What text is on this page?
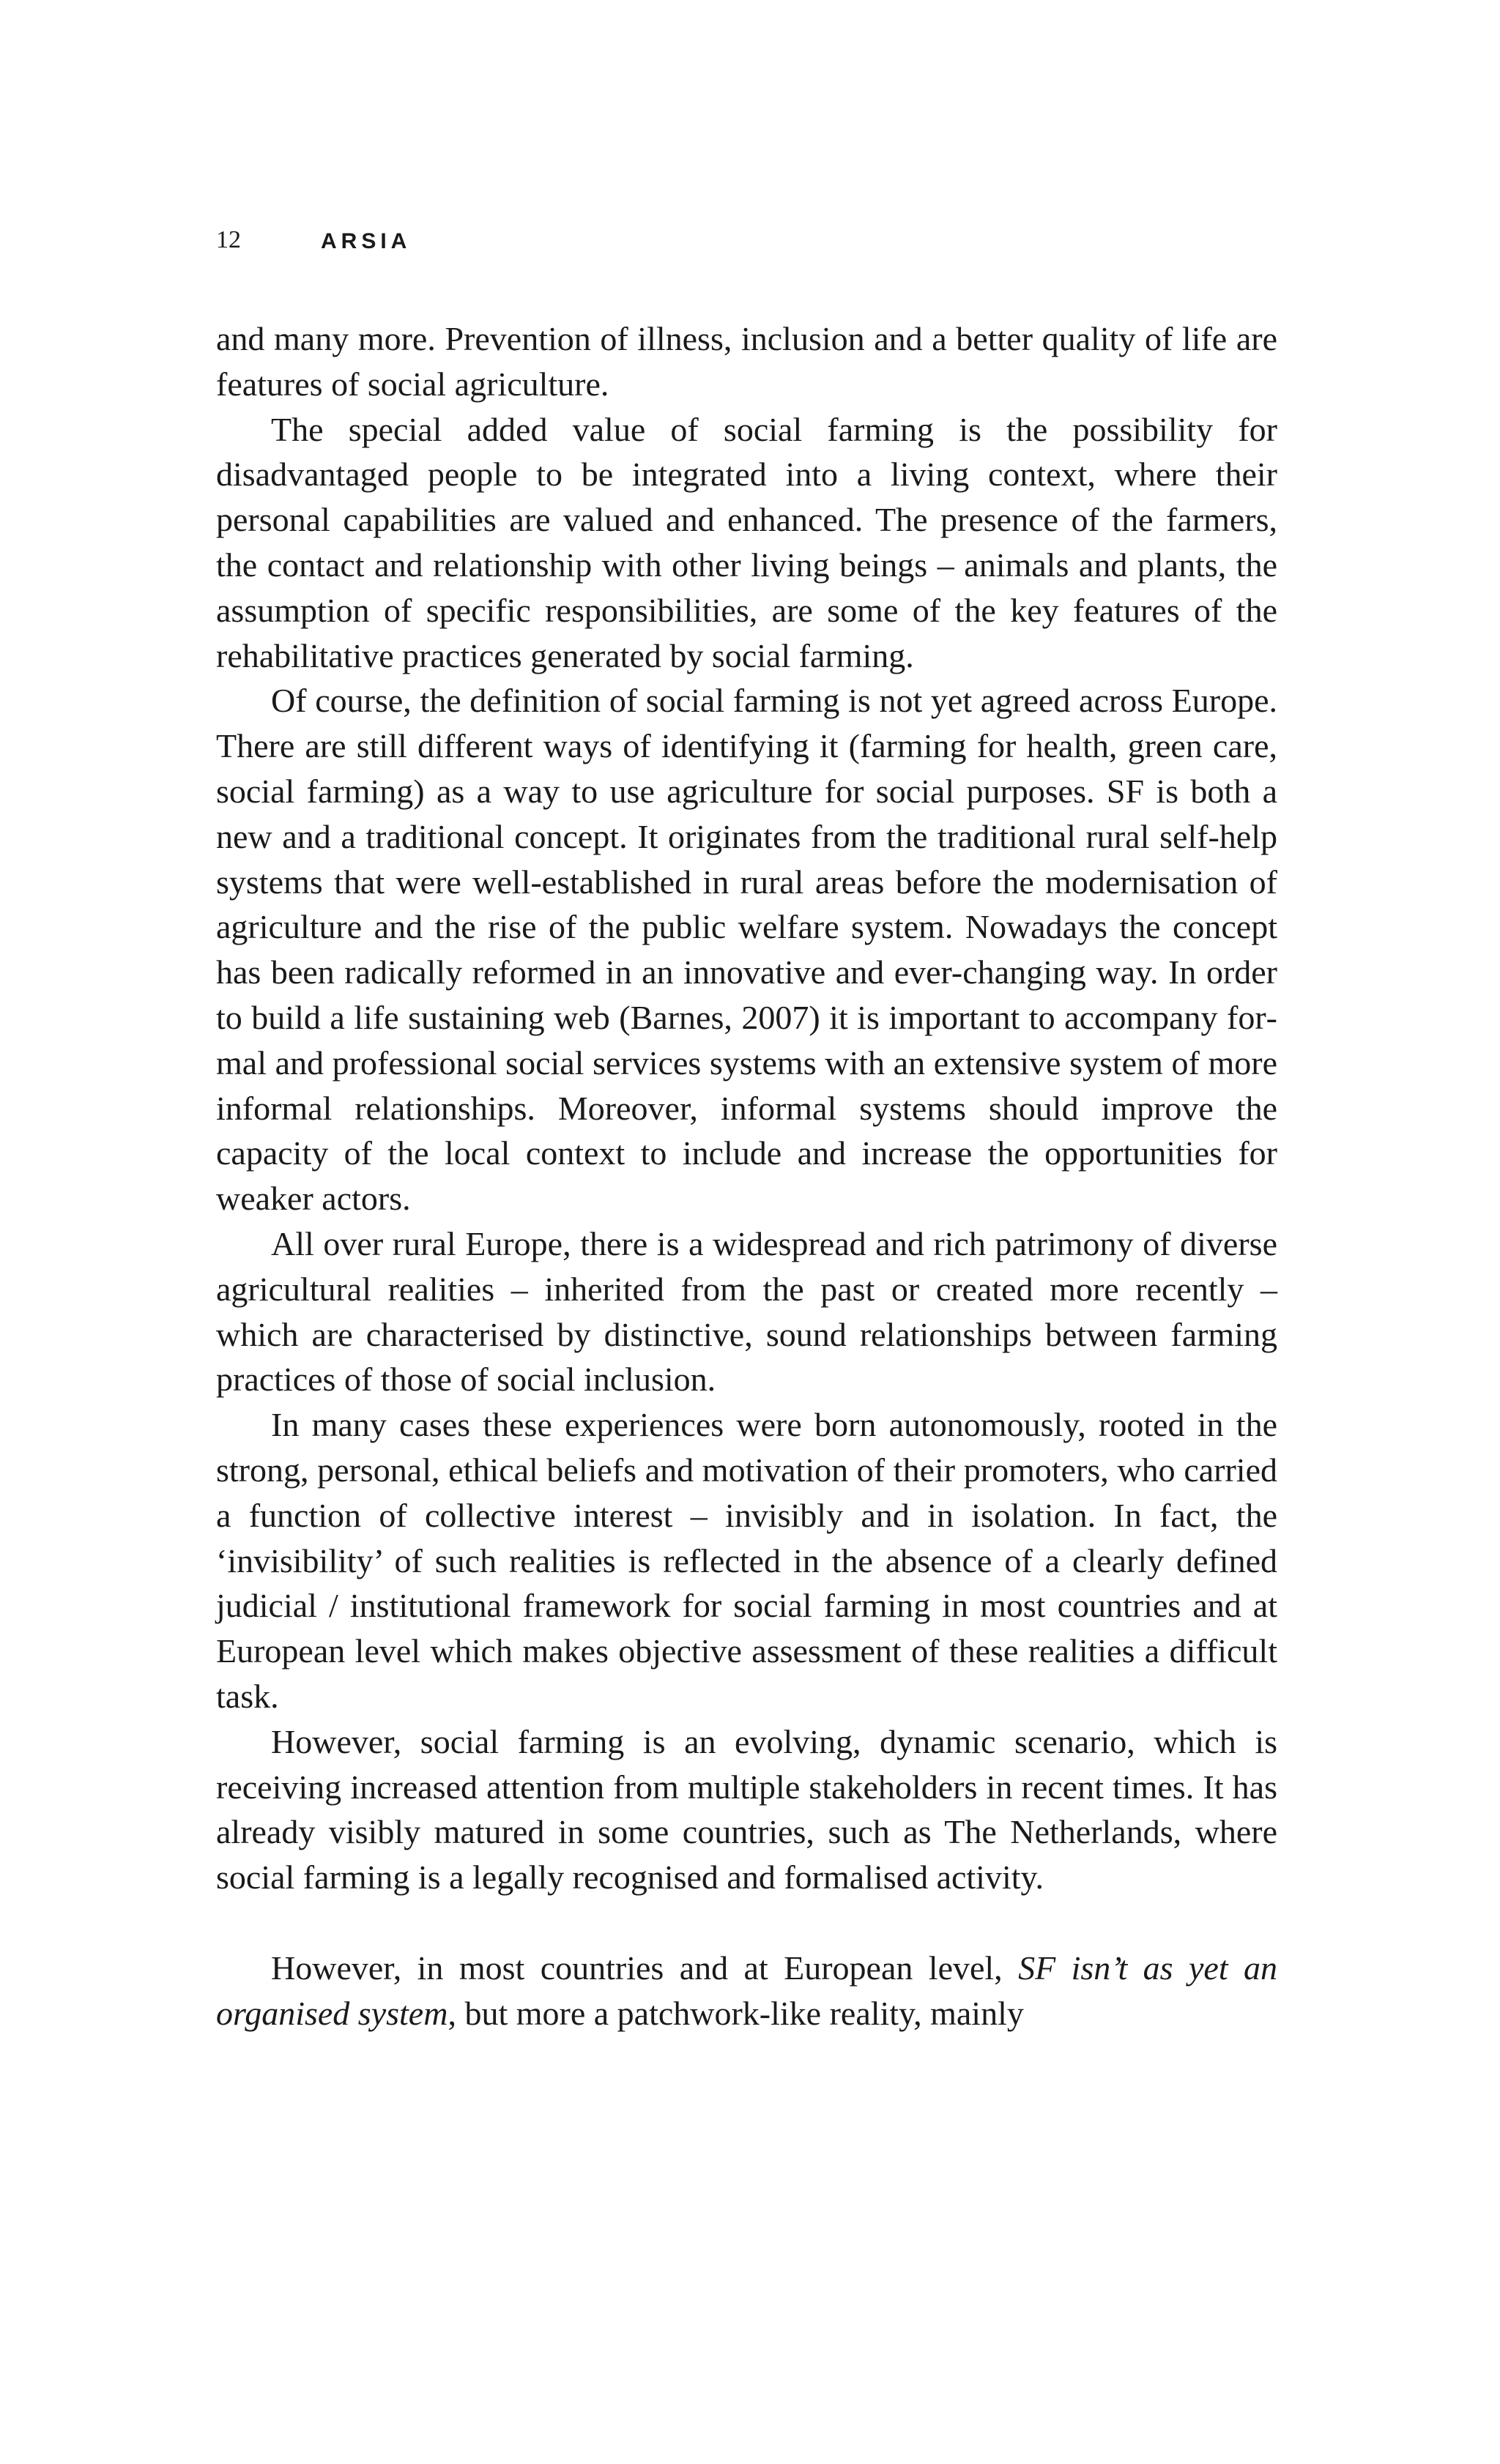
12	ARSIA

and many more. Prevention of illness, inclusion and a better quality of life are features of social agriculture.

The special added value of social farming is the possibility for disadvantaged people to be integrated into a living context, where their personal capabilities are valued and enhanced. The presence of the farmers, the contact and relationship with other living beings – animals and plants, the assumption of specific responsibilities, are some of the key features of the rehabilitative practices generated by social farming.

Of course, the definition of social farming is not yet agreed across Europe. There are still different ways of identifying it (farming for health, green care, social farming) as a way to use agriculture for social purposes. SF is both a new and a traditional concept. It originates from the traditional rural self-help systems that were well-established in rural areas before the modernisation of agriculture and the rise of the public welfare system. Nowadays the concept has been radically reformed in an innovative and ever-changing way. In order to build a life sustaining web (Barnes, 2007) it is important to accompany formal and professional social services systems with an extensive system of more informal relationships. Moreover, informal systems should improve the capacity of the local context to include and increase the opportunities for weaker actors.

All over rural Europe, there is a widespread and rich patrimony of diverse agricultural realities – inherited from the past or created more recently – which are characterised by distinctive, sound relationships between farming practices of those of social inclusion.

In many cases these experiences were born autonomously, rooted in the strong, personal, ethical beliefs and motivation of their promoters, who carried a function of collective interest – invisibly and in isolation. In fact, the ‘invisibility’ of such realities is reflected in the absence of a clearly defined judicial / institutional framework for social farming in most countries and at European level which makes objective assessment of these realities a difficult task.

However, social farming is an evolving, dynamic scenario, which is receiving increased attention from multiple stakeholders in recent times. It has already visibly matured in some countries, such as The Netherlands, where social farming is a legally recognised and formalised activity.

However, in most countries and at European level, SF isn’t as yet an organised system, but more a patchwork-like reality, mainly
